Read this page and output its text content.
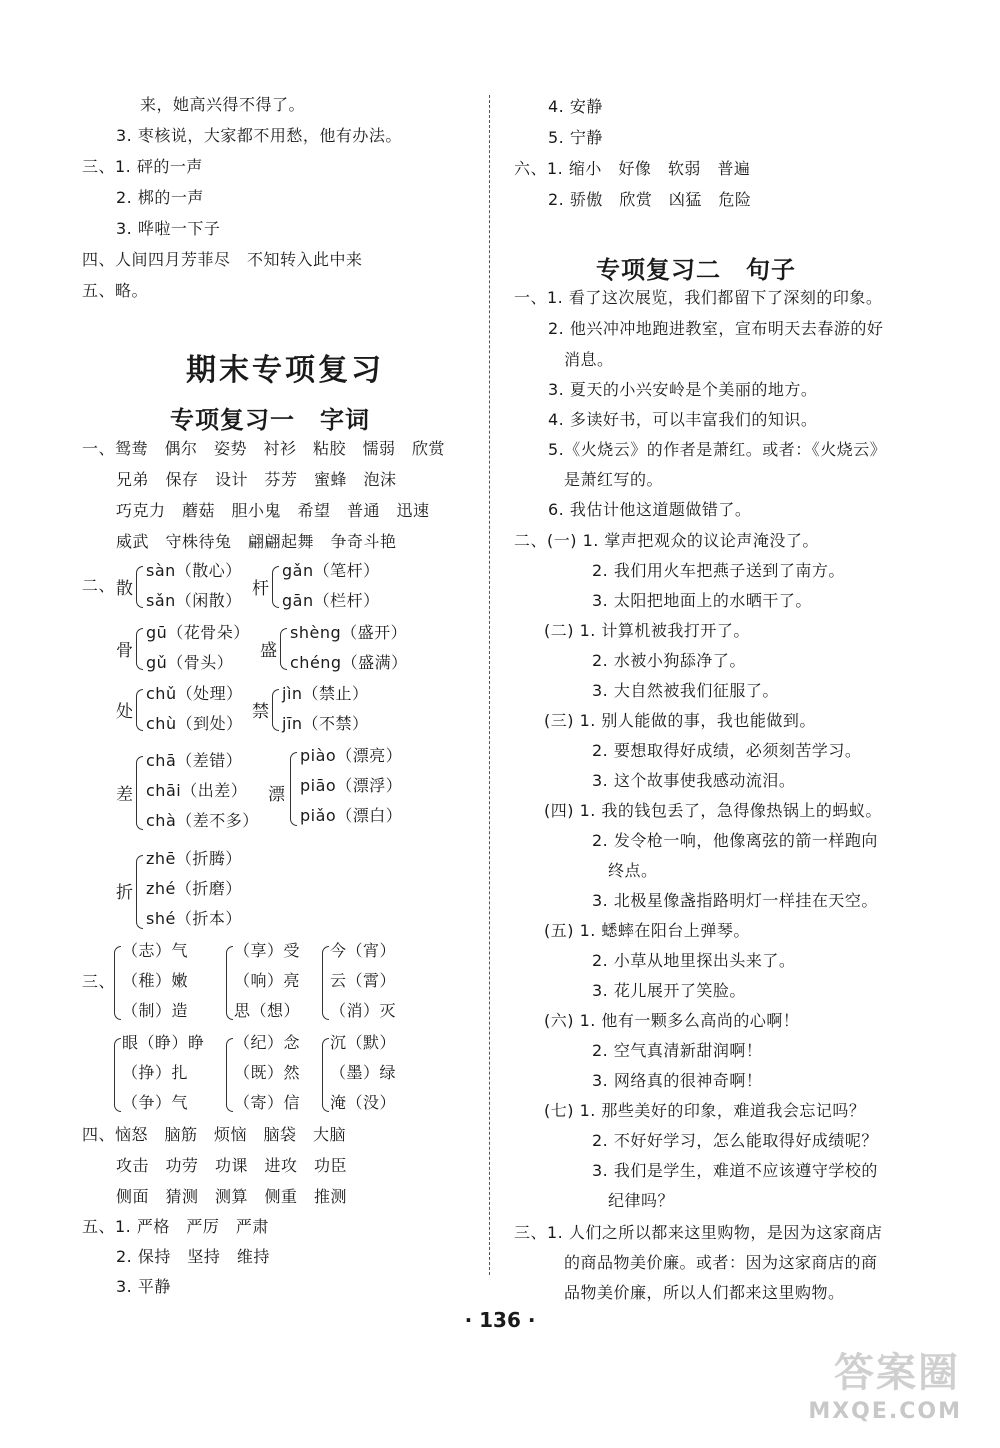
来，她高兴得不得了。
3. 枣核说，大家都不用愁，他有办法。
三、1. 砰的一声
2. 梆的一声
3. 哗啦一下子
四、人间四月芳菲尽　不知转入此中来
五、略。
期末专项复习
专项复习一　字词
一、鸳鸯　偶尔　姿势　衬衫　粘胶　懦弱　欣赏
兄弟　保存　设计　芬芳　蜜蜂　泡沫
巧克力　蘑菇　胆小鬼　希望　普通　迅速
威武　守株待兔　翩翩起舞　争奇斗艳
二、 散
sàn（散心）
sǎn（闲散）
杆
gǎn（笔杆）
gān（栏杆）
骨
gū（花骨朵）
gǔ（骨头）
盛
shèng（盛开）
chéng（盛满）
处
chǔ（处理）
chù（到处）
禁
jìn（禁止）
jīn（不禁）
差
chā（差错）
chāi（出差）
chà（差不多）
漂
piào（漂亮）
piāo（漂浮）
piǎo（漂白）
折
zhē（折腾）
zhé（折磨）
shé（折本）
三、
（志）气
（稚）嫩
（制）造
（享）受
（响）亮
思（想）
今（宵）
云（霄）
（消）灭
眼（睁）睁
（挣）扎
（争）气
（纪）念
（既）然
（寄）信
沉（默）
（墨）绿
淹（没）
四、恼怒　脑筋　烦恼　脑袋　大脑
攻击　功劳　功课　进攻　功臣
侧面　猜测　测算　侧重　推测
五、1. 严格　严厉　严肃
2. 保持　坚持　维持
3. 平静
4. 安静
5. 宁静
六、1. 缩小　好像　软弱　普遍
2. 骄傲　欣赏　凶猛　危险
专项复习二　句子
一、1. 看了这次展览，我们都留下了深刻的印象。
2. 他兴冲冲地跑进教室，宣布明天去春游的好
消息。
3. 夏天的小兴安岭是个美丽的地方。
4. 多读好书，可以丰富我们的知识。
5.《火烧云》的作者是萧红。或者：《火烧云》
是萧红写的。
6. 我估计他这道题做错了。
二、(一) 1. 掌声把观众的议论声淹没了。
2. 我们用火车把燕子送到了南方。
3. 太阳把地面上的水晒干了。
(二) 1. 计算机被我打开了。
2. 水被小狗舔净了。
3. 大自然被我们征服了。
(三) 1. 别人能做的事，我也能做到。
2. 要想取得好成绩，必须刻苦学习。
3. 这个故事使我感动流泪。
(四) 1. 我的钱包丢了，急得像热锅上的蚂蚁。
2. 发令枪一响，他像离弦的箭一样跑向
终点。
3. 北极星像盏指路明灯一样挂在天空。
(五) 1. 蟋蟀在阳台上弹琴。
2. 小草从地里探出头来了。
3. 花儿展开了笑脸。
(六) 1. 他有一颗多么高尚的心啊！
2. 空气真清新甜润啊！
3. 网络真的很神奇啊！
(七) 1. 那些美好的印象，难道我会忘记吗？
2. 不好好学习，怎么能取得好成绩呢？
3. 我们是学生，难道不应该遵守学校的
纪律吗？
三、1. 人们之所以都来这里购物，是因为这家商店
的商品物美价廉。或者：因为这家商店的商
品物美价廉，所以人们都来这里购物。
· 136 ·
答案圈
MXQE.COM
